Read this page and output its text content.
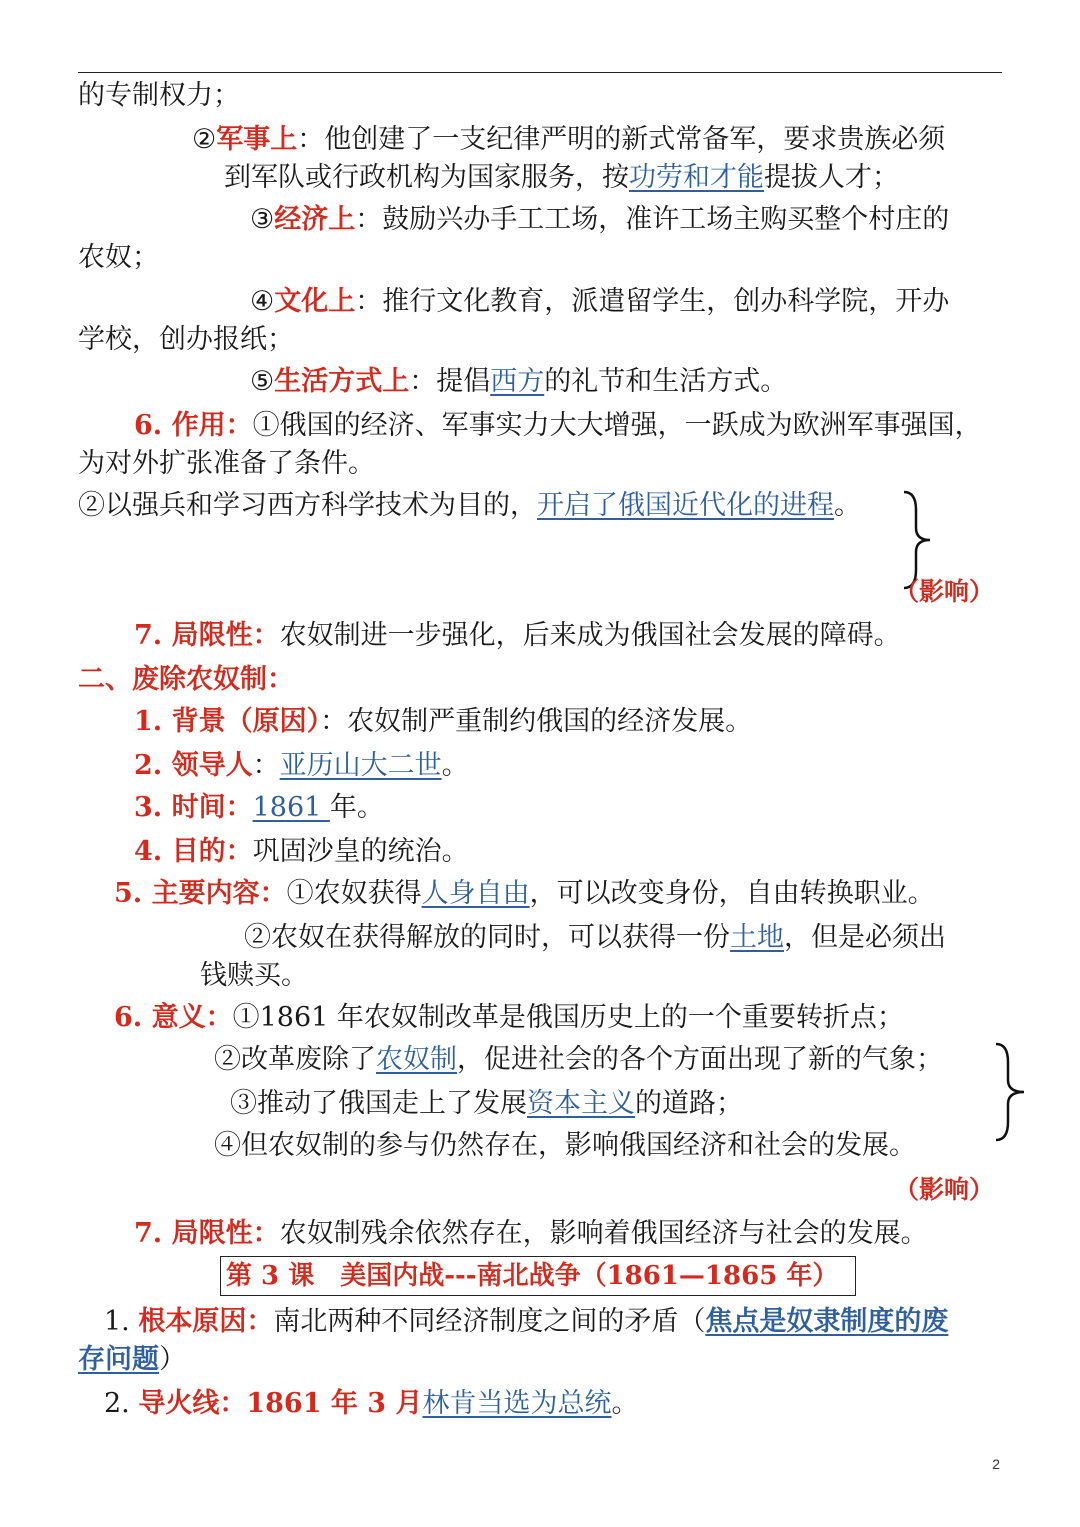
的专制权力；
②军事上：他创建了一支纪律严明的新式常备军，要求贵族必须
到军队或行政机构为国家服务，按功劳和才能提拔人才；
③经济上：鼓励兴办手工工场，准许工场主购买整个村庄的
农奴；
④文化上：推行文化教育，派遣留学生，创办科学院，开办
学校，创办报纸；
⑤生活方式上：提倡西方的礼节和生活方式。
6. 作用：①俄国的经济、军事实力大大增强，一跃成为欧洲军事强国，
为对外扩张准备了条件。
②以强兵和学习西方科学技术为目的，开启了俄国近代化的进程。
（影响）
7. 局限性：农奴制进一步强化，后来成为俄国社会发展的障碍。
二、废除农奴制：
1. 背景（原因）：农奴制严重制约俄国的经济发展。
2. 领导人：亚历山大二世。
3. 时间：1861 年。
4. 目的：巩固沙皇的统治。
5. 主要内容：①农奴获得人身自由，可以改变身份，自由转换职业。
②农奴在获得解放的同时，可以获得一份土地，但是必须出
钱赎买。
6. 意义：①1861 年农奴制改革是俄国历史上的一个重要转折点；
②改革废除了农奴制，促进社会的各个方面出现了新的气象；
③推动了俄国走上了发展资本主义的道路；
④但农奴制的参与仍然存在，影响俄国经济和社会的发展。
（影响）
7. 局限性：农奴制残余依然存在，影响着俄国经济与社会的发展。
第 3 课　美国内战---南北战争（1861—1865 年）
1. 根本原因：南北两种不同经济制度之间的矛盾（焦点是奴隶制度的废
存问题）
2. 导火线：1861 年 3 月林肯当选为总统。
2
